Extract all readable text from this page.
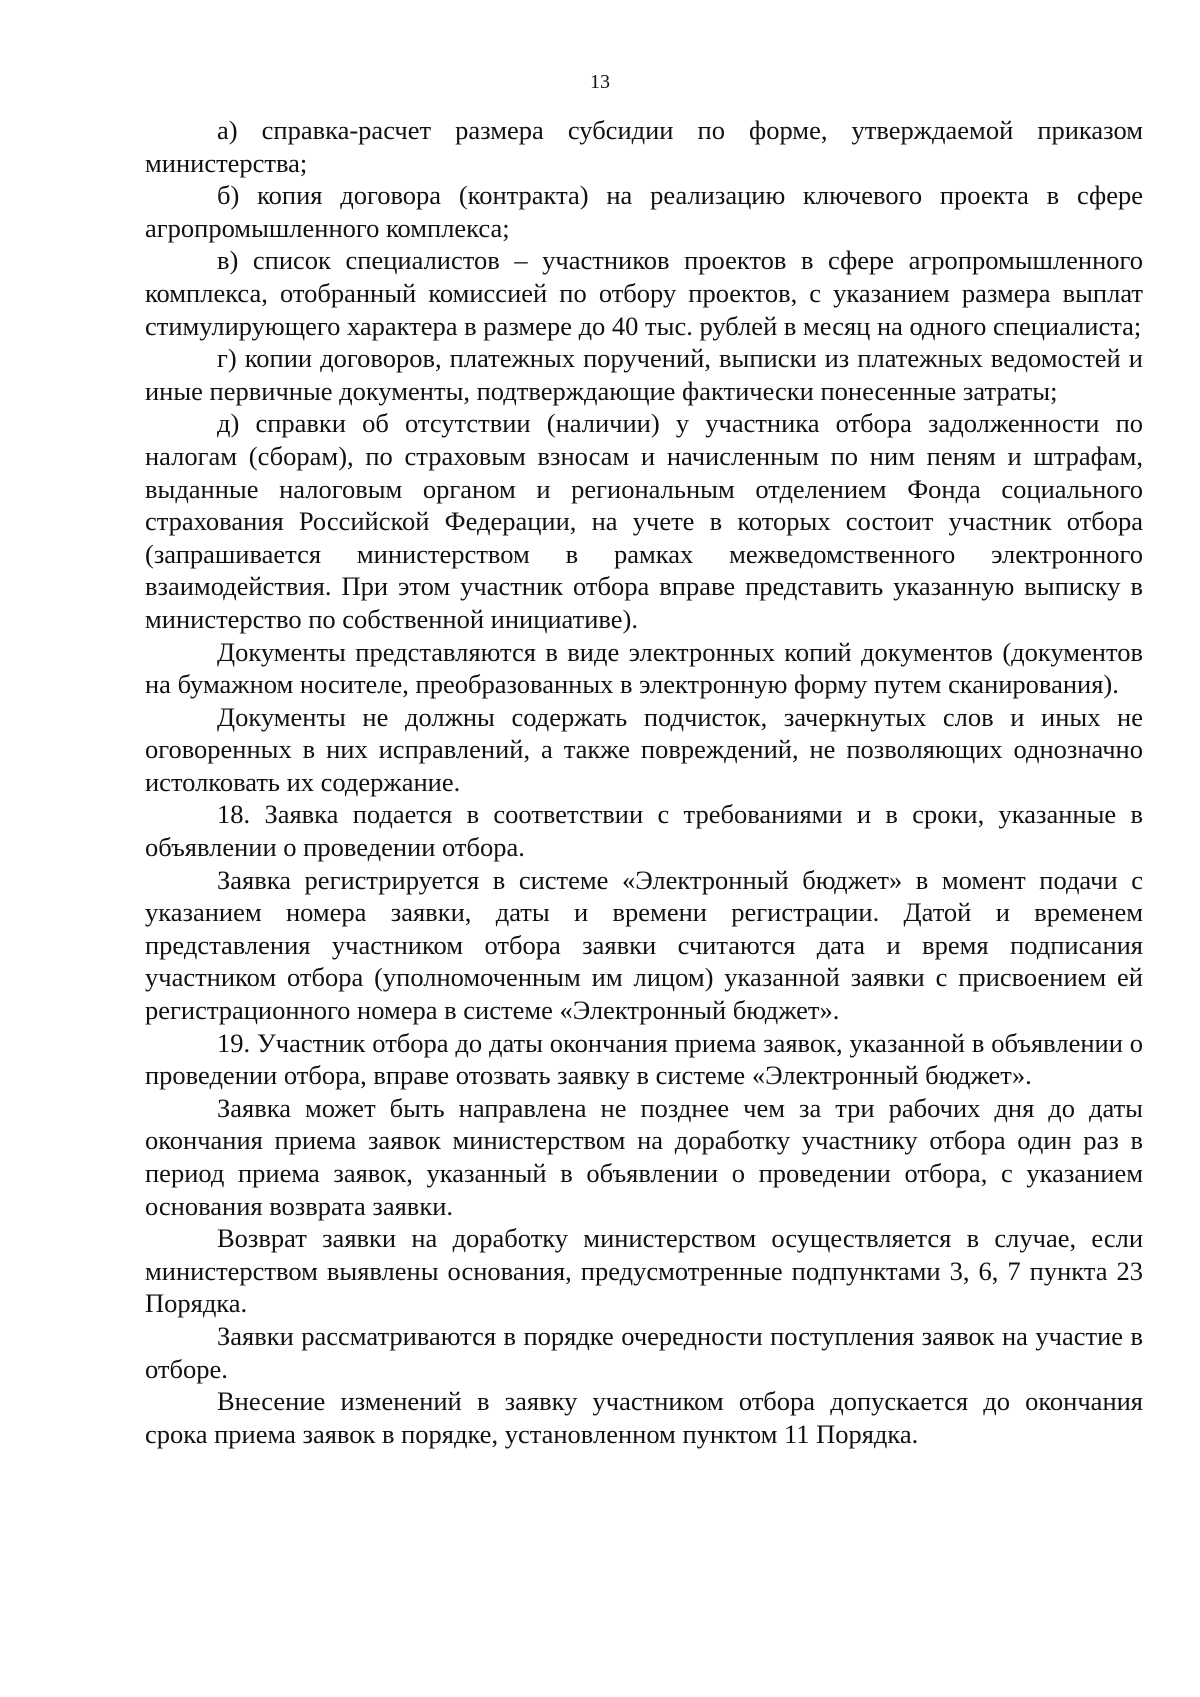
13

а) справка-расчет размера субсидии по форме, утверждаемой приказом министерства;

б) копия договора (контракта) на реализацию ключевого проекта в сфере агропромышленного комплекса;

в) список специалистов – участников проектов в сфере агропромышленного комплекса, отобранный комиссией по отбору проектов, с указанием размера выплат стимулирующего характера в размере до 40 тыс. рублей в месяц на одного специалиста;

г) копии договоров, платежных поручений, выписки из платежных ведомостей и иные первичные документы, подтверждающие фактически понесенные затраты;

д) справки об отсутствии (наличии) у участника отбора задолженности по налогам (сборам), по страховым взносам и начисленным по ним пеням и штрафам, выданные налоговым органом и региональным отделением Фонда социального страхования Российской Федерации, на учете в которых состоит участник отбора (запрашивается министерством в рамках межведомственного электронного взаимодействия. При этом участник отбора вправе представить указанную выписку в министерство по собственной инициативе).

Документы представляются в виде электронных копий документов (документов на бумажном носителе, преобразованных в электронную форму путем сканирования).

Документы не должны содержать подчисток, зачеркнутых слов и иных не оговоренных в них исправлений, а также повреждений, не позволяющих однозначно истолковать их содержание.

18. Заявка подается в соответствии с требованиями и в сроки, указанные в объявлении о проведении отбора.

Заявка регистрируется в системе «Электронный бюджет» в момент подачи с указанием номера заявки, даты и времени регистрации. Датой и временем представления участником отбора заявки считаются дата и время подписания участником отбора (уполномоченным им лицом) указанной заявки с присвоением ей регистрационного номера в системе «Электронный бюджет».

19. Участник отбора до даты окончания приема заявок, указанной в объявлении о проведении отбора, вправе отозвать заявку в системе «Электронный бюджет».

Заявка может быть направлена не позднее чем за три рабочих дня до даты окончания приема заявок министерством на доработку участнику отбора один раз в период приема заявок, указанный в объявлении о проведении отбора, с указанием основания возврата заявки.

Возврат заявки на доработку министерством осуществляется в случае, если министерством выявлены основания, предусмотренные подпунктами 3, 6, 7 пункта 23 Порядка.

Заявки рассматриваются в порядке очередности поступления заявок на участие в отборе.

Внесение изменений в заявку участником отбора допускается до окончания срока приема заявок в порядке, установленном пунктом 11 Порядка.
